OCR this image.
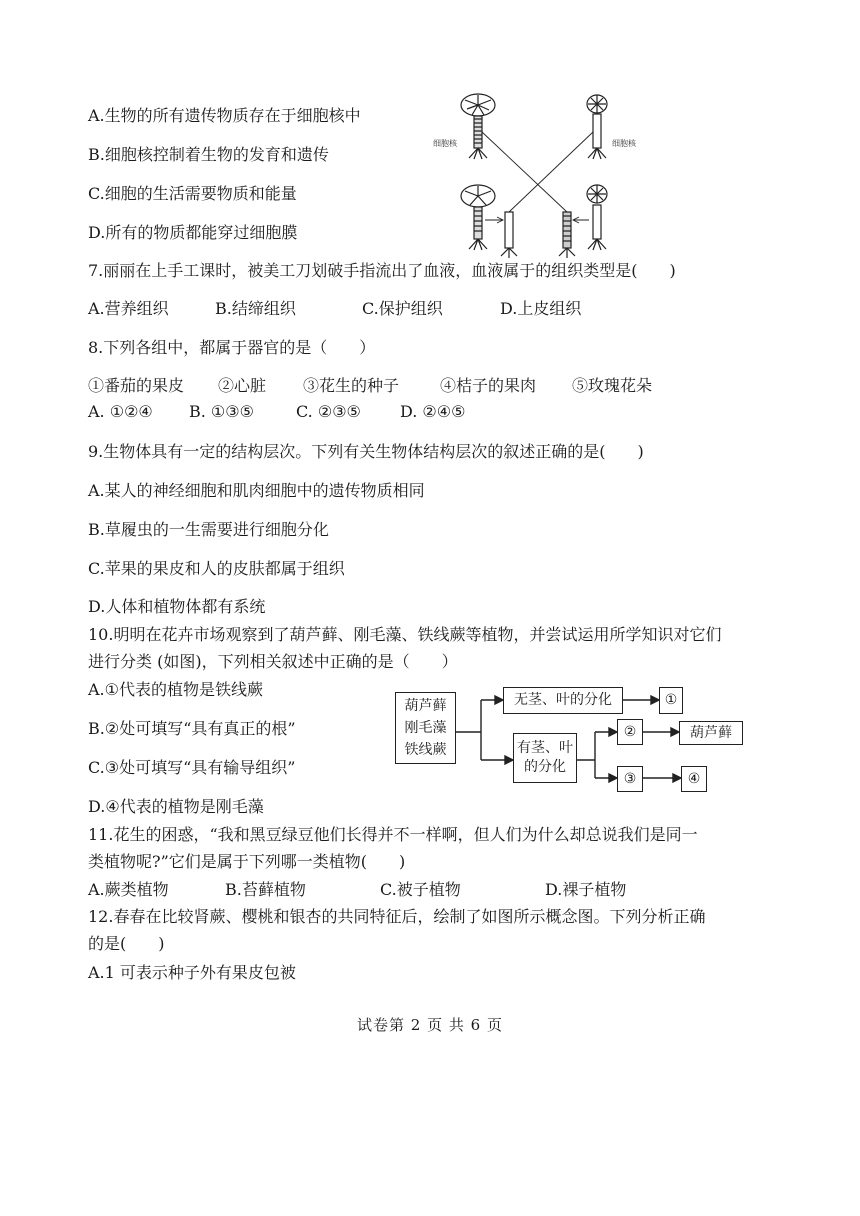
A.生物的所有遗传物质存在于细胞核中
B.细胞核控制着生物的发育和遗传
C.细胞的生活需要物质和能量
D.所有的物质都能穿过细胞膜
细胞核	细胞核
7.丽丽在上手工课时，被美工刀划破手指流出了血液，血液属于的组织类型是(　　)
A.营养组织	B.结缔组织	C.保护组织	D.上皮组织
8.下列各组中，都属于器官的是（　　）
①番茄的果皮 ②心脏 ③花生的种子	④桔子的果肉 ⑤玫瑰花朵
A. ①②④ B. ①③⑤	C. ②③⑤ D. ②④⑤
9.生物体具有一定的结构层次。下列有关生物体结构层次的叙述正确的是(　　)
A.某人的神经细胞和肌肉细胞中的遗传物质相同
B.草履虫的一生需要进行细胞分化
C.苹果的果皮和人的皮肤都属于组织
D.人体和植物体都有系统
10.明明在花卉市场观察到了葫芦藓、刚毛藻、铁线蕨等植物，并尝试运用所学知识对它们
进行分类 (如图)，下列相关叙述中正确的是（　　）
A.①代表的植物是铁线蕨
B.②处可填写“具有真正的根”
C.③处可填写“具有输导组织”
D.④代表的植物是刚毛藻
葫芦藓
刚毛藻
铁线蕨
无茎、叶的分化	①
有茎、叶
的分化
②	葫芦藓
③	④
11.花生的困惑，“我和黑豆绿豆他们长得并不一样啊，但人们为什么却总说我们是同一
类植物呢?”它们是属于下列哪一类植物(　　)
A.蕨类植物	B.苔藓植物	C.被子植物	D.裸子植物
12.春春在比较肾蕨、樱桃和银杏的共同特征后，绘制了如图所示概念图。下列分析正确
的是(　　)
A.1 可表示种子外有果皮包被
试卷第 2 页 共 6 页
